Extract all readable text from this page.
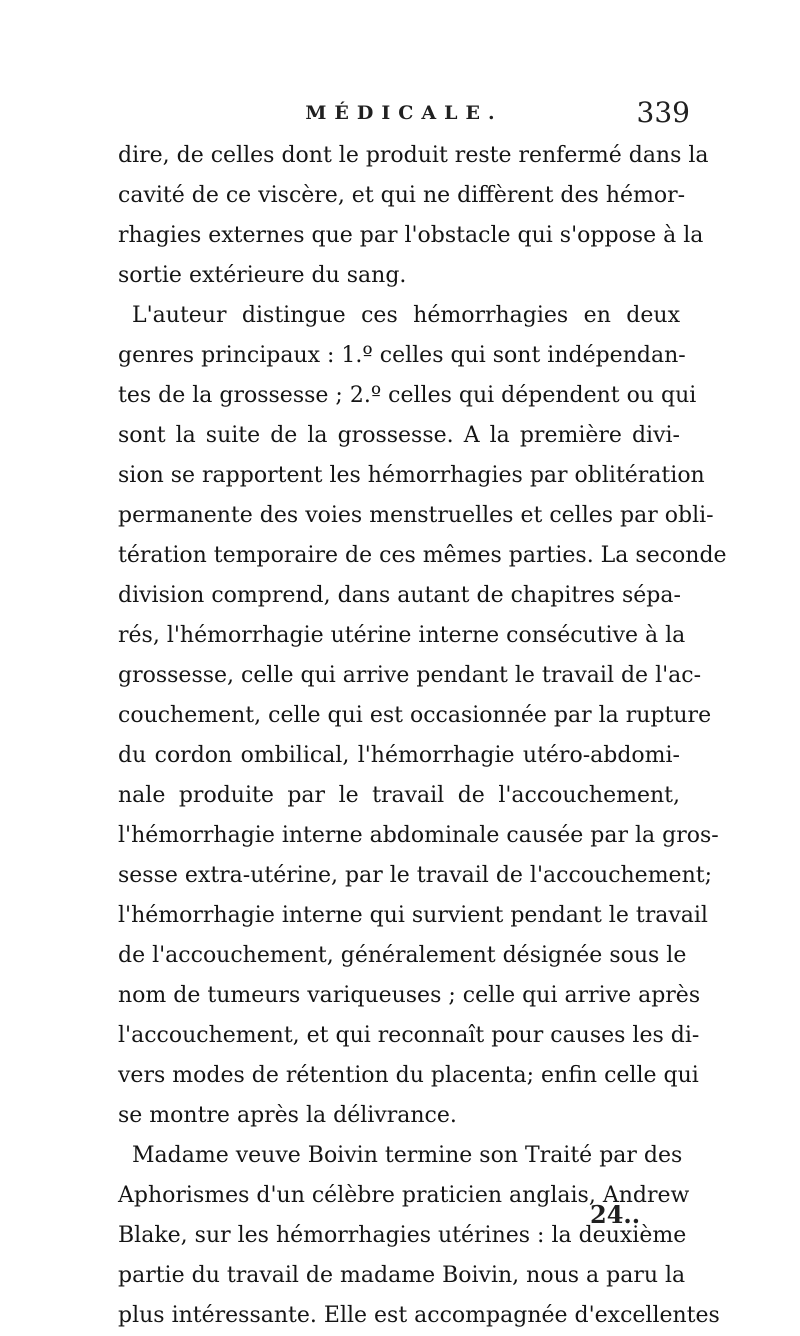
MÉDICALE.	339
dire, de celles dont le produit reste renfermé dans la
cavité de ce viscère, et qui ne diffèrent des hémor-
rhagies externes que par l'obstacle qui s'oppose à la
sortie extérieure du sang.
L'auteur distingue ces hémorrhagies en deux
genres principaux : 1.º celles qui sont indépendan-
tes de la grossesse ; 2.º celles qui dépendent ou qui
sont la suite de la grossesse. A la première divi-
sion se rapportent les hémorrhagies par oblitération
permanente des voies menstruelles et celles par obli-
tération temporaire de ces mêmes parties. La seconde
division comprend, dans autant de chapitres sépa-
rés, l'hémorrhagie utérine interne consécutive à la
grossesse, celle qui arrive pendant le travail de l'ac-
couchement, celle qui est occasionnée par la rupture
du cordon ombilical, l'hémorrhagie utéro-abdomi-
nale produite par le travail de l'accouchement,
l'hémorrhagie interne abdominale causée par la gros-
sesse extra-utérine, par le travail de l'accouchement;
l'hémorrhagie interne qui survient pendant le travail
de l'accouchement, généralement désignée sous le
nom de tumeurs variqueuses ; celle qui arrive après
l'accouchement, et qui reconnaît pour causes les di-
vers modes de rétention du placenta; enfin celle qui
se montre après la délivrance.
Madame veuve Boivin termine son Traité par des
Aphorismes d'un célèbre praticien anglais, Andrew
Blake, sur les hémorrhagies utérines : la deuxième
partie du travail de madame Boivin, nous a paru la
plus intéressante. Elle est accompagnée d'excellentes
24..
